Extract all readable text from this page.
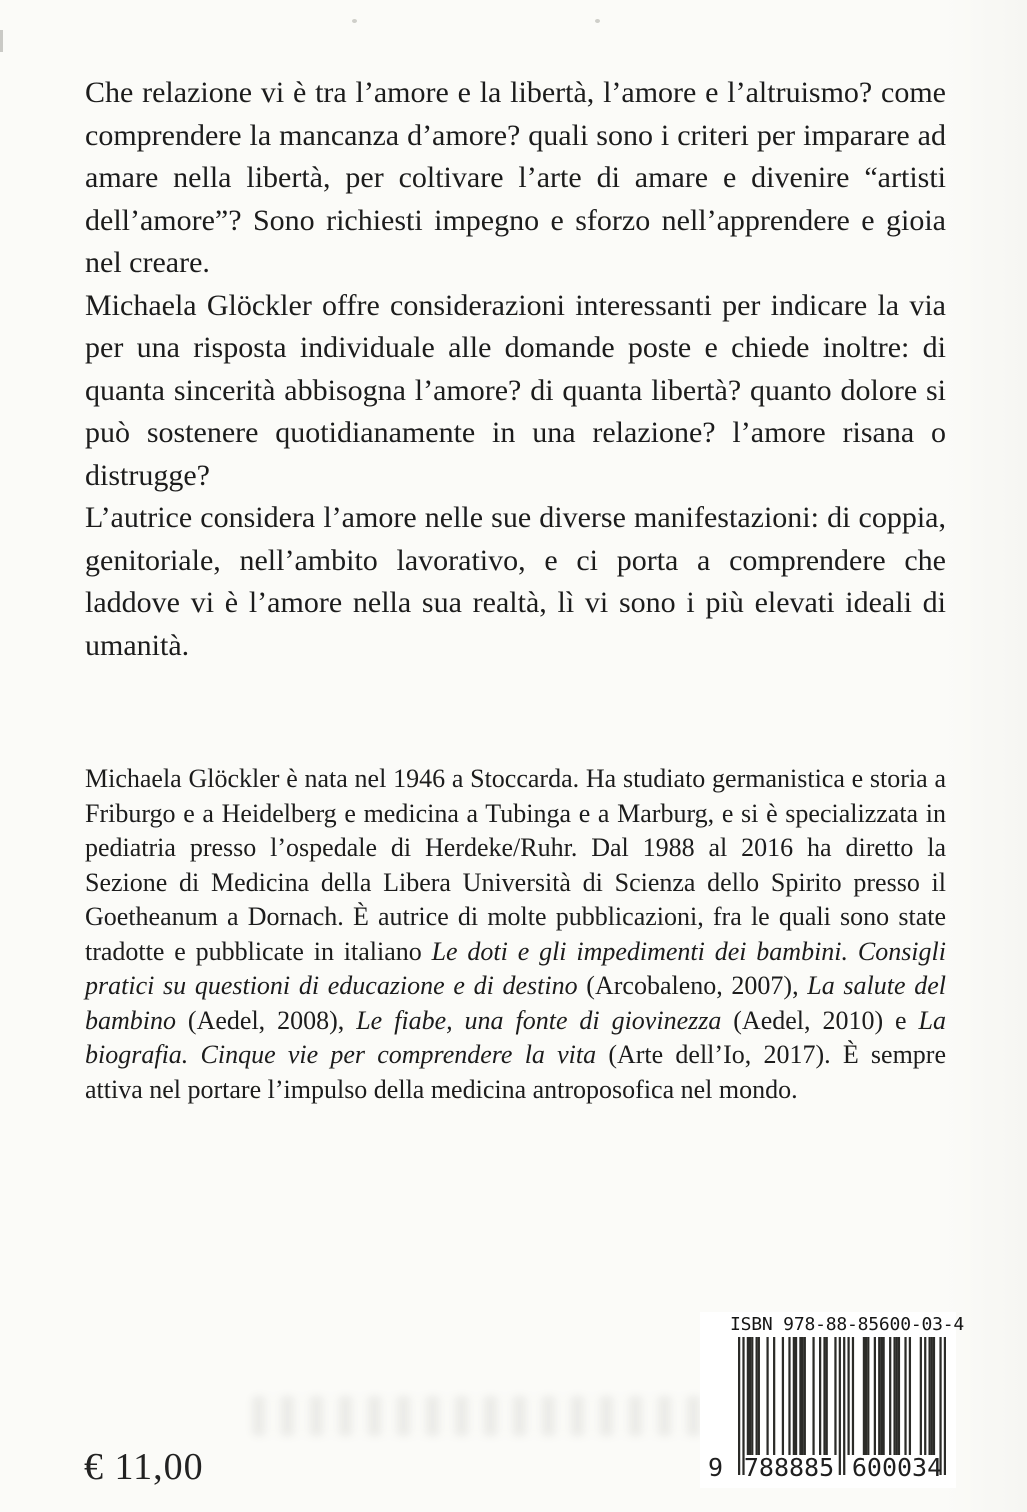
Che relazione vi è tra l’amore e la libertà, l’amore e l’altruismo? come comprendere la mancanza d’amore? quali sono i criteri per imparare ad amare nella libertà, per coltivare l’arte di amare e divenire “artisti dell’amore”? Sono richiesti impegno e sforzo nell’apprendere e gioia nel creare.

Michaela Glöckler offre considerazioni interessanti per indicare la via per una risposta individuale alle domande poste e chiede inoltre: di quanta sincerità abbisogna l’amore? di quanta libertà? quanto dolore si può sostenere quotidianamente in una relazione? l’amore risana o distrugge?

L’autrice considera l’amore nelle sue diverse manifestazioni: di coppia, genitoriale, nell’ambito lavorativo, e ci porta a comprendere che laddove vi è l’amore nella sua realtà, lì vi sono i più elevati ideali di umanità.

Michaela Glöckler è nata nel 1946 a Stoccarda. Ha studiato germanistica e storia a Friburgo e a Heidelberg e medicina a Tubinga e a Marburg, e si è specializzata in pediatria presso l’ospedale di Herdeke/Ruhr. Dal 1988 al 2016 ha diretto la Sezione di Medicina della Libera Università di Scienza dello Spirito presso il Goetheanum a Dornach. È autrice di molte pubblicazioni, fra le quali sono state tradotte e pubblicate in italiano Le doti e gli impedimenti dei bambini. Consigli pratici su questioni di educazione e di destino (Arcobaleno, 2007), La salute del bambino (Aedel, 2008), Le fiabe, una fonte di giovinezza (Aedel, 2010) e La biografia. Cinque vie per comprendere la vita (Arte dell’Io, 2017). È sempre attiva nel portare l’impulso della medicina antroposofica nel mondo.
ISBN 978-88-85600-03-4
9 788885 600034
€ 11,00
